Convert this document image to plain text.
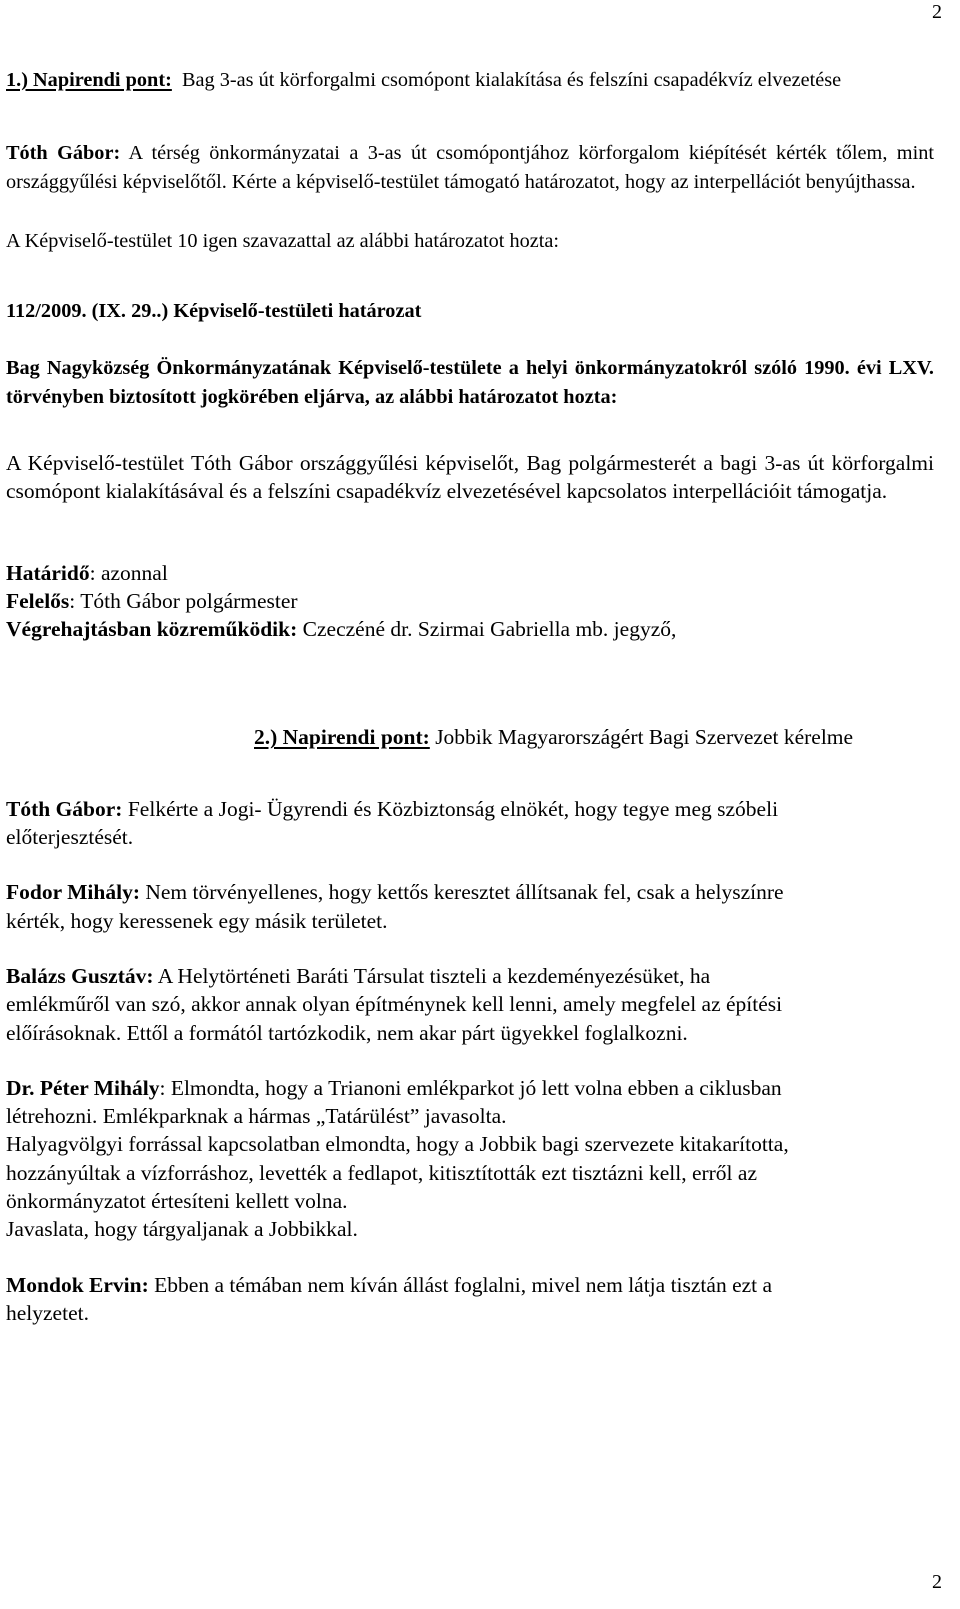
2

1.) Napirendi pont: Bag 3-as út körforgalmi csomópont kialakítása és felszíni csapadékvíz elvezetése

Tóth Gábor: A térség önkormányzatai a 3-as út csomópontjához körforgalom kiépítését kérték tőlem, mint országgyűlési képviselőtől. Kérte a képviselő-testület támogató határozatot, hogy az interpellációt benyújthassa.

A Képviselő-testület 10 igen szavazattal az alábbi határozatot hozta:

112/2009. (IX. 29..) Képviselő-testületi határozat

Bag Nagyközség Önkormányzatának Képviselő-testülete a helyi önkormányzatokról szóló 1990. évi LXV. törvényben biztosított jogkörében eljárva, az alábbi határozatot hozta:

A Képviselő-testület Tóth Gábor országgyűlési képviselőt, Bag polgármesterét a bagi 3-as út körforgalmi csomópont kialakításával és a felszíni csapadékvíz elvezetésével kapcsolatos interpellációit támogatja.

Határidő: azonnal

Felelős: Tóth Gábor polgármester

Végrehajtásban közreműködik: Czeczéné dr. Szirmai Gabriella mb. jegyző,

2.) Napirendi pont: Jobbik Magyarországért Bagi Szervezet kérelme

Tóth Gábor: Felkérte a Jogi- Ügyrendi és Közbiztonság elnökét, hogy tegye meg szóbeli
előterjesztését.

Fodor Mihály: Nem törvényellenes, hogy kettős keresztet állítsanak fel, csak a helyszínre
kérték, hogy keressenek egy másik területet.

Balázs Gusztáv: A Helytörténeti Baráti Társulat tiszteli a kezdeményezésüket, ha
emlékműről van szó, akkor annak olyan építménynek kell lenni, amely megfelel az építési
előírásoknak. Ettől a formától tartózkodik, nem akar párt ügyekkel foglalkozni.

Dr. Péter Mihály: Elmondta, hogy a Trianoni emlékparkot jó lett volna ebben a ciklusban
létrehozni. Emlékparknak a hármas „Tatárülést” javasolta.
Halyagvölgyi forrással kapcsolatban elmondta, hogy a Jobbik bagi szervezete kitakarította,
hozzányúltak a vízforráshoz, levették a fedlapot, kitisztították ezt tisztázni kell, erről az
önkormányzatot értesíteni kellett volna.
Javaslata, hogy tárgyaljanak a Jobbikkal.

Mondok Ervin: Ebben a témában nem kíván állást foglalni, mivel nem látja tisztán ezt a
helyzetet.

2
